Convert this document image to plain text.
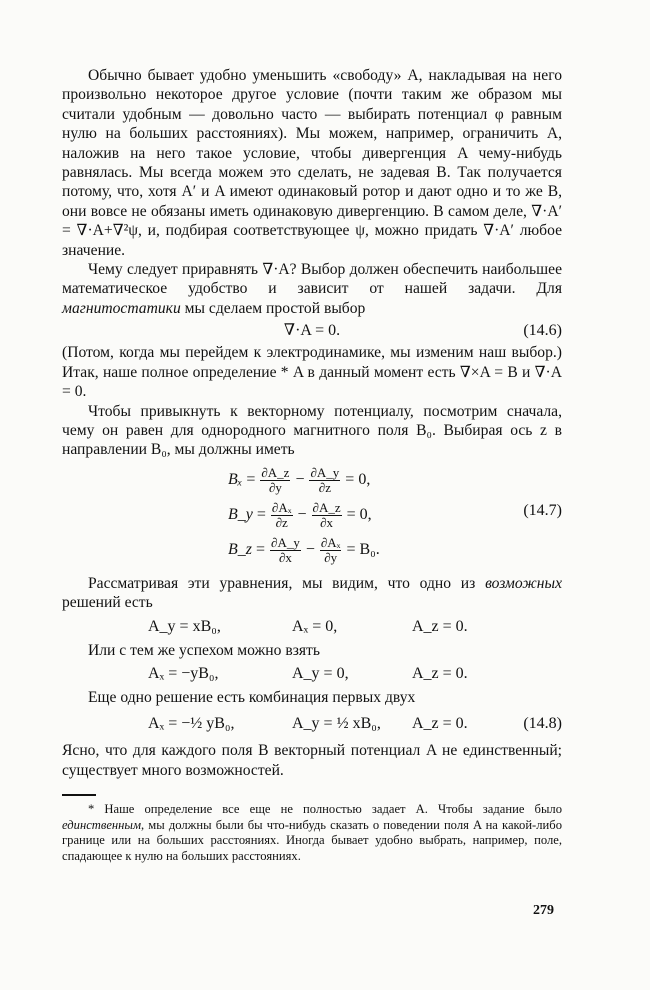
Обычно бывает удобно уменьшить «свободу» A, накладывая на него произвольно некоторое другое условие (почти таким же образом мы считали удобным — довольно часто — выбирать потенциал φ равным нулю на больших расстояниях). Мы можем, например, ограничить A, наложив на него такое условие, чтобы дивергенция A чему-нибудь равнялась. Мы всегда можем это сделать, не задевая B. Так получается потому, что, хотя A′ и A имеют одинаковый ротор и дают одно и то же B, они вовсе не обязаны иметь одинаковую дивергенцию. В самом деле, ∇·A′ = ∇·A+∇²ψ, и, подбирая соответствующее ψ, можно придать ∇·A′ любое значение.

Чему следует приравнять ∇·A? Выбор должен обеспечить наибольшее математическое удобство и зависит от нашей задачи. Для магнитостатики мы сделаем простой выбор

∇·A = 0.	(14.6)

(Потом, когда мы перейдем к электродинамике, мы изменим наш выбор.) Итак, наше полное определение * A в данный момент есть ∇×A = B и ∇·A = 0.

Чтобы привыкнуть к векторному потенциалу, посмотрим сначала, чему он равен для однородного магнитного поля B₀. Выбирая ось z в направлении B₀, мы должны иметь

$B_x = \frac{\partial A\_z}{\partial y} - \frac{\partial A\_y}{\partial z} = 0$,
B_y = $\frac{\text{∂Aₓ}}{\partial z} - \frac{\partial A\_z}{\partial x} = 0$,
B_z = $\frac{\partial A\_y}{\partial x} - \frac{\text{∂Aₓ}}{\partial y} = B_0$.
(14.7)

Рассматривая эти уравнения, мы видим, что одно из возможных решений есть

A_y = xB₀,	Aₓ = 0,	A_z = 0.

Или с тем же успехом можно взять

Aₓ = −yB₀,	A_y = 0,	A_z = 0.

Еще одно решение есть комбинация первых двух

Aₓ = −½ yB₀,	A_y = ½ xB₀, A_z = 0.	(14.8)

Ясно, что для каждого поля B векторный потенциал A не единственный; существует много возможностей.

* Наше определение все еще не полностью задает A. Чтобы задание было единственным, мы должны были бы что-нибудь сказать о поведении поля A на какой-либо границе или на больших расстояниях. Иногда бывает удобно выбрать, например, поле, спадающее к нулю на больших расстояниях.

279
